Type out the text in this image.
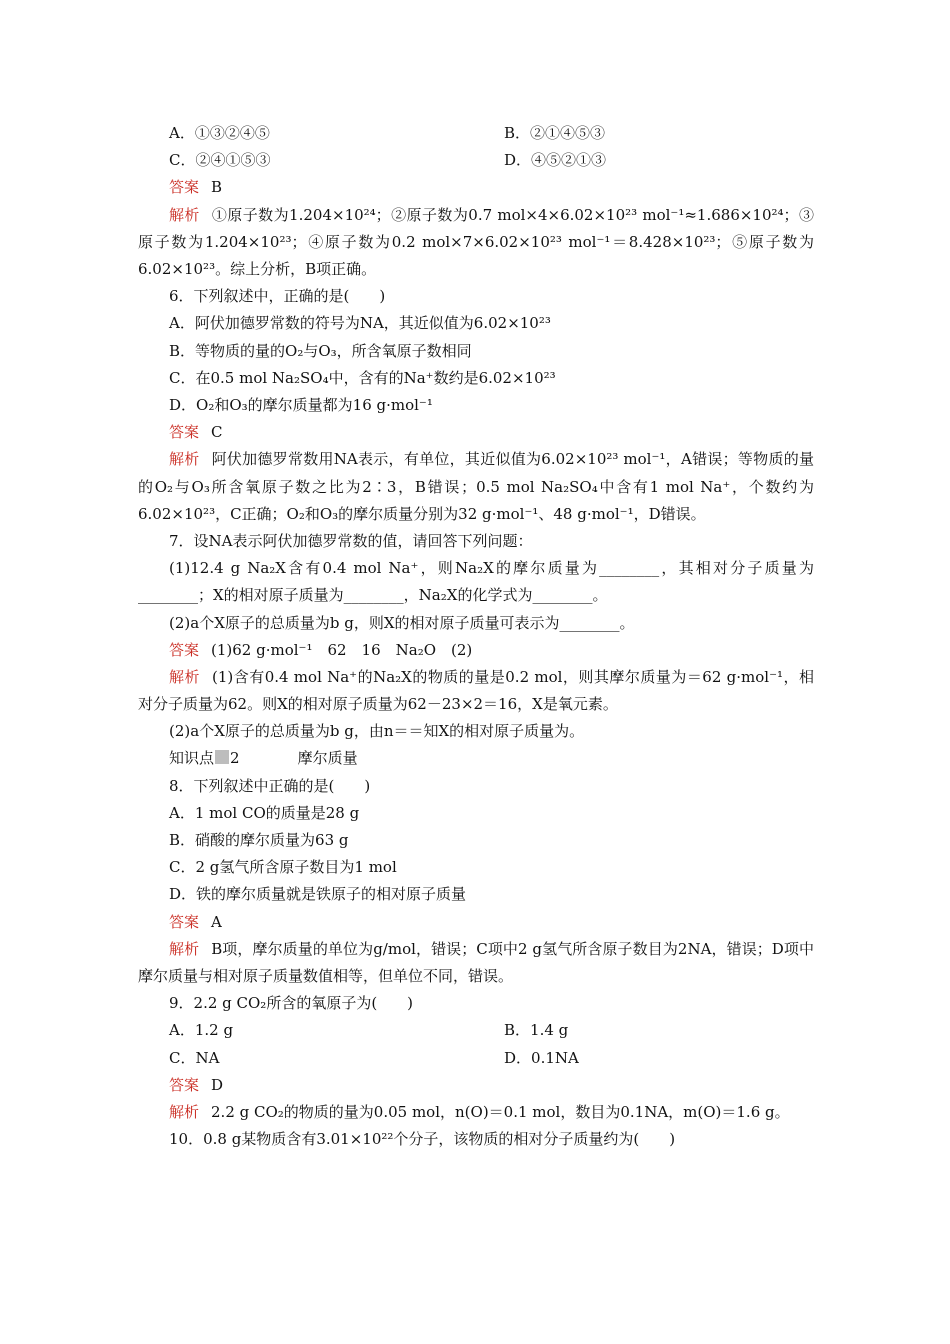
A．①③②④⑤	B．②①④⑤③
C．②④①⑤③	D．④⑤②①③
答案 B
解析 ①原子数为1.204×10²⁴；②原子数为0.7 mol×4×6.02×10²³ mol⁻¹≈1.686×10²⁴；③原子数为1.204×10²³；④原子数为0.2 mol×7×6.02×10²³ mol⁻¹＝8.428×10²³；⑤原子数为6.02×10²³。综上分析，B项正确。
6．下列叙述中，正确的是(　　)
A．阿伏加德罗常数的符号为NA，其近似值为6.02×10²³
B．等物质的量的O₂与O₃，所含氧原子数相同
C．在0.5 mol Na₂SO₄中，含有的Na⁺数约是6.02×10²³
D．O₂和O₃的摩尔质量都为16 g·mol⁻¹
答案 C
解析 阿伏加德罗常数用NA表示，有单位，其近似值为6.02×10²³ mol⁻¹，A错误；等物质的量的O₂与O₃所含氧原子数之比为2∶3，B错误；0.5 mol Na₂SO₄中含有1 mol Na⁺，个数约为6.02×10²³，C正确；O₂和O₃的摩尔质量分别为32 g·mol⁻¹、48 g·mol⁻¹，D错误。
7．设NA表示阿伏加德罗常数的值，请回答下列问题：
(1)12.4 g Na₂X含有0.4 mol Na⁺，则Na₂X的摩尔质量为________，其相对分子质量为________；X的相对原子质量为________，Na₂X的化学式为________。
(2)a个X原子的总质量为b g，则X的相对原子质量可表示为________。
答案 (1)62 g·mol⁻¹　62　16　Na₂O　(2)
解析 (1)含有0.4 mol Na⁺的Na₂X的物质的量是0.2 mol，则其摩尔质量为＝62 g·mol⁻¹，相对分子质量为62。则X的相对原子质量为62－23×2＝16，X是氧元素。
(2)a个X原子的总质量为b g，由n＝＝知X的相对原子质量为。
知识点 2	摩尔质量
8．下列叙述中正确的是(　　)
A．1 mol CO的质量是28 g
B．硝酸的摩尔质量为63 g
C．2 g氢气所含原子数目为1 mol
D．铁的摩尔质量就是铁原子的相对原子质量
答案 A
解析 B项，摩尔质量的单位为g/mol，错误；C项中2 g氢气所含原子数目为2NA，错误；D项中摩尔质量与相对原子质量数值相等，但单位不同，错误。
9．2.2 g CO₂所含的氧原子为(　　)
A．1.2 g	B．1.4 g
C．NA	D．0.1NA
答案 D
解析 2.2 g CO₂的物质的量为0.05 mol，n(O)＝0.1 mol，数目为0.1NA，m(O)＝1.6 g。
10．0.8 g某物质含有3.01×10²²个分子，该物质的相对分子质量约为(　　)
